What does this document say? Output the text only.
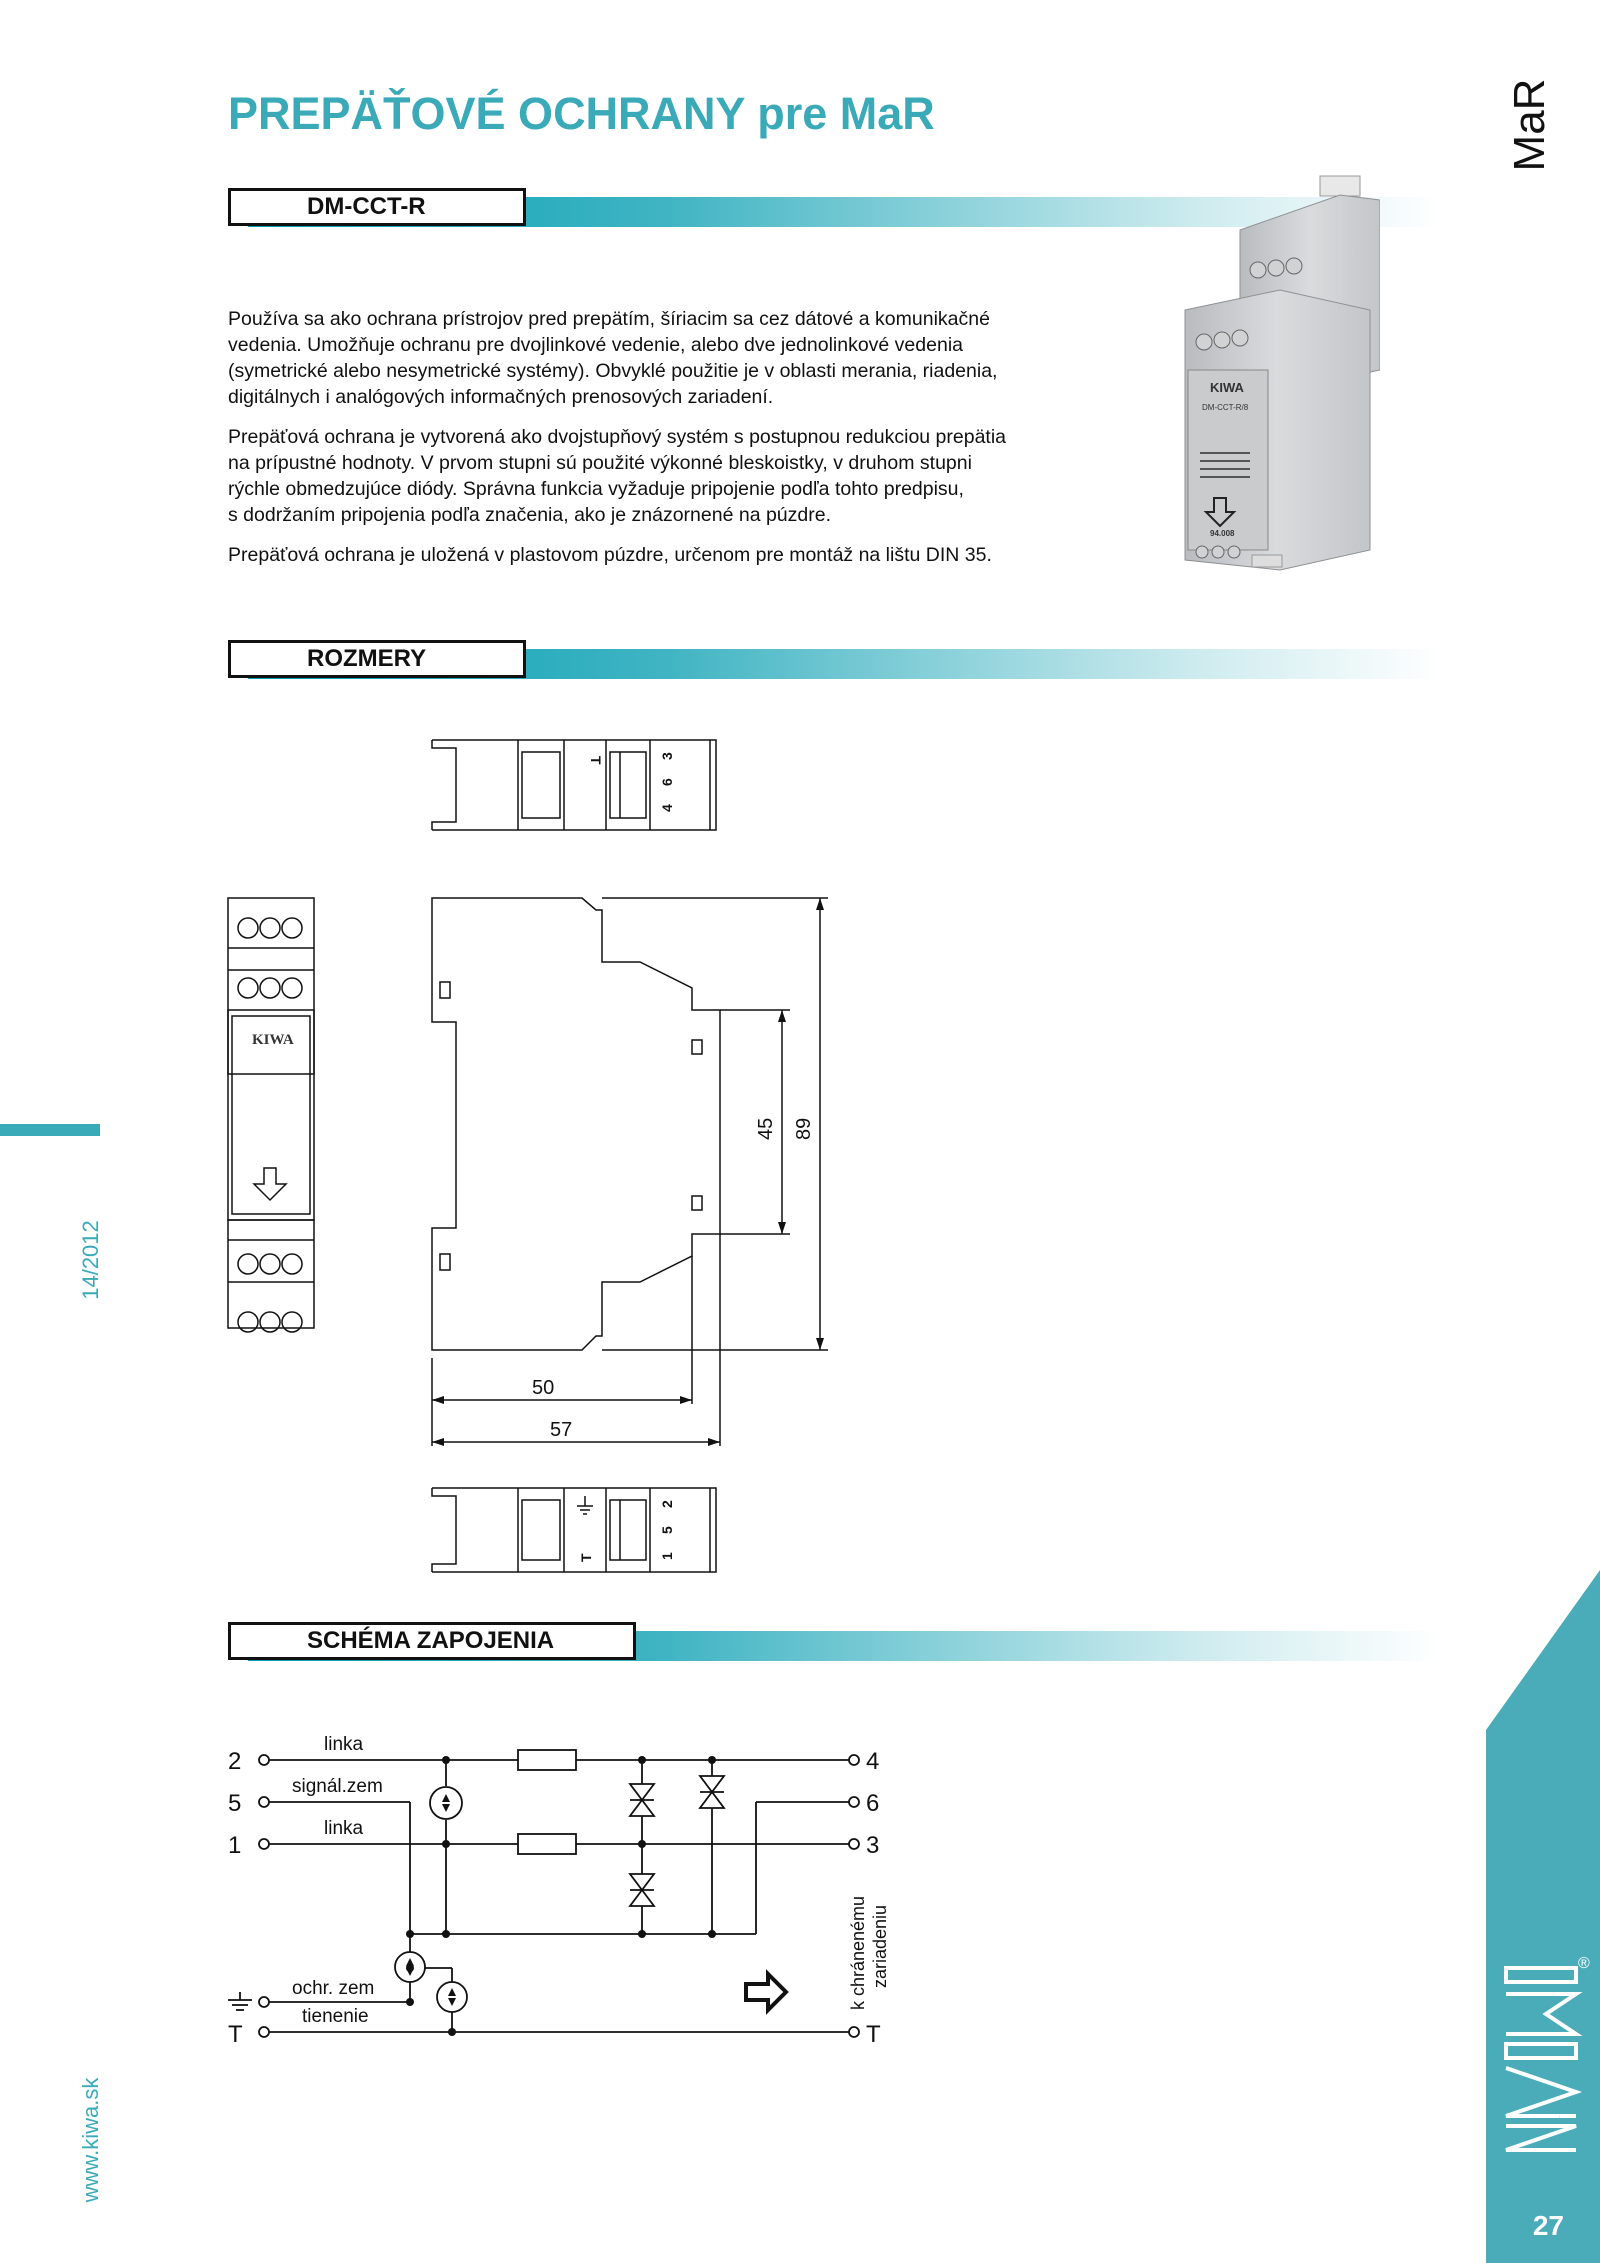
PREPÄŤOVÉ OCHRANY pre MaR	MaR
DM-CCT-R

Používa sa ako ochrana prístrojov pred prepätím, šíriacim sa cez dátové a komunikačné
vedenia. Umožňuje ochranu pre dvojlinkové vedenie, alebo dve jednolinkové vedenia
(symetrické alebo nesymetrické systémy). Obvyklé použitie je v oblasti merania, riadenia,
digitálnych i analógových informačných prenosových zariadení.

Prepäťová ochrana je vytvorená ako dvojstupňový systém s postupnou redukciou prepätia
na prípustné hodnoty. V prvom stupni sú použité výkonné bleskoistky, v druhom stupni
rýchle obmedzujúce diódy. Správna funkcia vyžaduje pripojenie podľa tohto predpisu,
s dodržaním pripojenia podľa značenia, ako je znázornené na púzdre.

Prepäťová ochrana je uložená v plastovom púzdre, určenom pre montáž na lištu DIN 35.

KIWA
DM-CCT-R/8
94.008
ROZMERY
T
4
6
3
T	1
5
2
KIWA
45 89
50
57
14/2012
SCHÉMA ZAPOJENIA
2
5
1
T
4
6
3
T
linka
signál.zem
linka
ochr. zem
tienenie
k chránenému zariadeniu
www.kiwa.sk	KIWA
®
27
